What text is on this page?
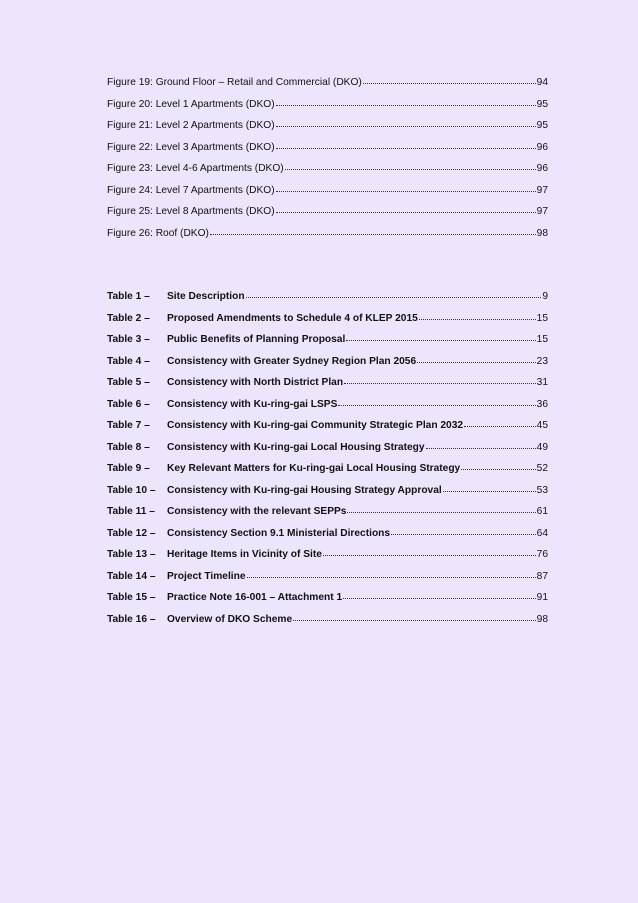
Figure 19: Ground Floor – Retail and Commercial (DKO)	94
Figure 20: Level 1 Apartments (DKO)	95
Figure 21: Level 2 Apartments (DKO)	95
Figure 22: Level 3 Apartments (DKO)	96
Figure 23: Level 4-6 Apartments (DKO)	96
Figure 24: Level 7 Apartments (DKO)	97
Figure 25: Level 8 Apartments (DKO)	97
Figure 26: Roof (DKO)	98
Table 1 –	Site Description	9
Table 2 –	Proposed Amendments to Schedule 4 of KLEP 2015	15
Table 3 –	Public Benefits of Planning Proposal	15
Table 4 –	Consistency with Greater Sydney Region Plan 2056	23
Table 5 –	Consistency with North District Plan	31
Table 6 –	Consistency with Ku-ring-gai LSPS	36
Table 7 –	Consistency with Ku-ring-gai Community Strategic Plan 2032	45
Table 8 –	Consistency with Ku-ring-gai Local Housing Strategy	49
Table 9 –	Key Relevant Matters for Ku-ring-gai Local Housing Strategy	52
Table 10 –	Consistency with Ku-ring-gai Housing Strategy Approval	53
Table 11 –	Consistency with the relevant SEPPs	61
Table 12 –	Consistency Section 9.1 Ministerial Directions	64
Table 13 –	Heritage Items in Vicinity of Site	76
Table 14 –	Project Timeline	87
Table 15 –	Practice Note 16-001 – Attachment 1	91
Table 16 –	Overview of DKO Scheme	98
